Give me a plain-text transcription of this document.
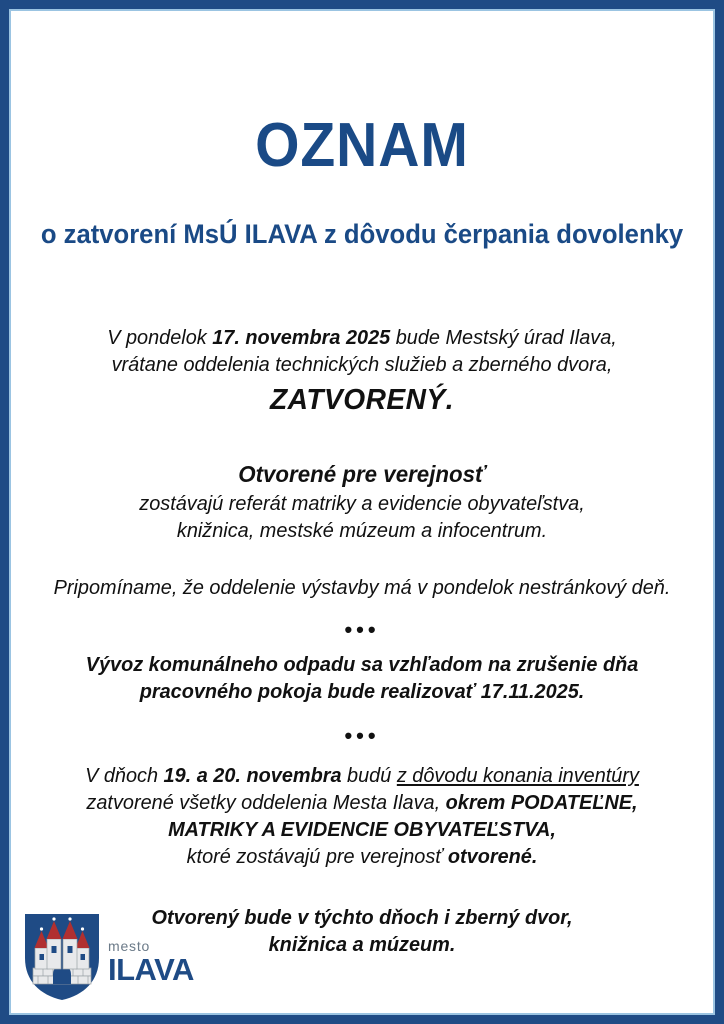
OZNAM
o zatvorení MsÚ ILAVA z dôvodu čerpania dovolenky
V pondelok 17. novembra 2025 bude Mestský úrad Ilava,
vrátane oddelenia technických služieb a zberného dvora,
ZATVORENÝ.
Otvorené pre verejnosť
zostávajú referát matriky a evidencie obyvateľstva,
knižnica, mestské múzeum a infocentrum.
Pripomíname, že oddelenie výstavby má v pondelok nestránkový deň.
•••
Vývoz komunálneho odpadu sa vzhľadom na zrušenie dňa
pracovného pokoja bude realizovať 17.11.2025.
•••
V dňoch 19. a 20. novembra budú z dôvodu konania inventúry
zatvorené všetky oddelenia Mesta Ilava, okrem PODATEĽNE,
MATRIKY A EVIDENCIE OBYVATEĽSTVA,
ktoré zostávajú pre verejnosť otvorené.
Otvorený bude v týchto dňoch i zberný dvor,
knižnica a múzeum.
mesto
ILAVA
